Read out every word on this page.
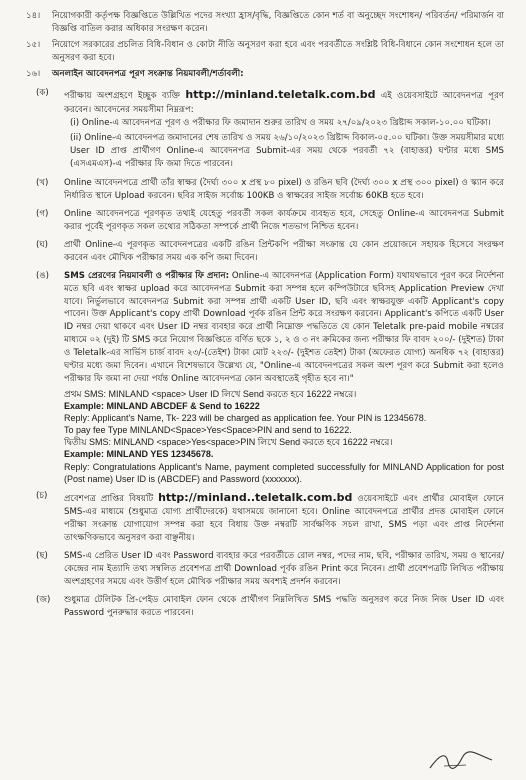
১৪।	নিয়োগকারী কর্তৃপক্ষ বিজ্ঞপ্তিতে উল্লিখিত পদের সংখ্যা হ্রাস/বৃদ্ধি, বিজ্ঞপ্তিতে কোন শর্ত বা অনুচ্ছেদ সংশোধন/ পরিবর্তন/ পরিমার্জন বা বিজ্ঞপ্তি বাতিল করার অধিকার সংরক্ষণ করেন।

১৫।	নিয়োগে সরকারের প্রচলিত বিধি-বিধান ও কোটা নীতি অনুসরণ করা হবে এবং পরবর্তীতে সংশ্লিষ্ট বিধি-বিধানে কোন সংশোধন হলে তা অনুসরণ করা হবে।

১৬।	অনলাইন আবেদনপত্র পূরণ সংক্রান্ত নিয়মাবলী/শর্তাবলী:

(ক)	পরীক্ষায় অংশগ্রহণে ইচ্ছুক ব্যক্তি http://minland.teletalk.com.bd এই ওয়েবসাইটে আবেদনপত্র পূরণ করবেন। আবেদনের সময়সীমা নিম্নরূপ:

(i) Online-এ আবেদনপত্র পূরণ ও পরীক্ষার ফি জমাদান শুরুর তারিখ ও সময় ২৭/০৯/২০২৩ খ্রিষ্টাব্দ সকাল-১০.০০ ঘটিকা।

(ii) Online-এ আবেদনপত্র জমাদানের শেষ তারিখ ও সময় ২৬/১০/২০২৩ খ্রিষ্টাব্দ বিকাল-০৫.০০ ঘটিকা। উক্ত সময়সীমার মধ্যে User ID প্রাপ্ত প্রার্থীগণ Online-এ আবেদনপত্র Submit-এর সময় থেকে পরবর্তী ৭২ (বাহাত্তর) ঘণ্টার মধ্যে SMS (এসএমএস)-এ পরীক্ষার ফি জমা দিতে পারবেন।

(খ)	Online আবেদনপত্রে প্রার্থী তাঁর স্বাক্ষর (দৈর্ঘ্য ৩০০ x প্রস্থ ৮০ pixel) ও রঙিন ছবি (দৈর্ঘ্য ৩০০ x প্রস্থ ৩০০ pixel) ও স্ক্যান করে নির্ধারিত স্থানে Upload করবেন। ছবির সাইজ সর্বোচ্চ 100KB ও স্বাক্ষরের সাইজ সর্বোচ্চ 60KB হতে হবে।

(গ)	Online আবেদনপত্রে পূরণকৃত তথ্যই যেহেতু পরবর্তী সকল কার্যক্রমে ব্যবহৃত হবে, সেহেতু Online-এ আবেদনপত্র Submit করার পূর্বেই পূরণকৃত সকল তথ্যের সঠিকতা সম্পর্কে প্রার্থী নিজে শতভাগ নিশ্চিত হবেন।

(ঘ)	প্রার্থী Online-এ পূরণকৃত আবেদনপত্রের একটি রঙিন প্রিন্টকপি পরীক্ষা সংক্রান্ত যে কোন প্রয়োজনে সহায়ক হিসেবে সংরক্ষণ করবেন এবং মৌখিক পরীক্ষার সময় এক কপি জমা দিবেন।

(ঙ)	SMS প্রেরণের নিয়মাবলী ও পরীক্ষার ফি প্রদান: Online-এ আবেদনপত্র (Application Form) যথাযথভাবে পূরণ করে নির্দেশনা মতে ছবি এবং স্বাক্ষর upload করে আবেদনপত্র Submit করা সম্পন্ন হলে কম্পিউটারে ছবিসহ Application Preview দেখা যাবে। নির্ভুলভাবে আবেদনপত্র Submit করা সম্পন্ন প্রার্থী একটি User ID, ছবি এবং স্বাক্ষরযুক্ত একটি Applicant's copy পাবেন। উক্ত Applicant's copy প্রার্থী Download পূর্বক রঙিন প্রিন্ট করে সংরক্ষণ করবেন। Applicant's কপিতে একটি User ID নম্বর দেয়া থাকবে এবং User ID নম্বর ব্যবহার করে প্রার্থী নিম্নোক্ত পদ্ধতিতে যে কোন Teletalk pre-paid mobile নম্বরের মাধ্যমে ০২ (দুই) টি SMS করে নিয়োগ বিজ্ঞপ্তিতে বর্ণিত ছকে ১, ২ ও ৩ নং ক্রমিকের জন্য পরীক্ষার ফি বাবদ ২০০/- (দুইশত) টাকা ও Teletalk-এর সার্ভিস চার্জ বাবদ ২৩/-(তেইশ) টাকা মোট ২২৩/- (দুইশত তেইশ) টাকা (অফেরত যোগ্য) অনধিক ৭২ (বাহাত্তর) ঘণ্টার মধ্যে জমা দিবেন। এখানে বিশেষভাবে উল্লেখ্য যে, "Online-এ আবেদনপত্রের সকল অংশ পূরণ করে Submit করা হলেও পরীক্ষার ফি জমা না দেয়া পর্যন্ত Online আবেদনপত্র কোন অবস্থাতেই গৃহীত হবে না।"

প্রথম SMS: MINLAND <space> User ID লিখে Send করতে হবে 16222 নম্বরে।

Example: MINLAND ABCDEF & Send to 16222

Reply: Applicant's Name, Tk- 223 will be charged as application fee. Your PIN is 12345678.

To pay fee Type MINLAND<Space>Yes<Space>PIN and send to 16222.

দ্বিতীয় SMS: MINLAND <space>Yes<space>PIN লিখে Send করতে হবে 16222 নম্বরে।

Example: MINLAND YES 12345678.

Reply: Congratulations Applicant's Name, payment completed successfully for MINLAND Application for post (Post name) User ID is (ABCDEF) and Password (xxxxxxx).

(চ)	প্রবেশপত্র প্রাপ্তির বিষয়টি http://minland..teletalk.com.bd ওয়েবসাইটে এবং প্রার্থীর মোবাইল ফোনে SMS-এর মাধ্যমে (শুধুমাত্র যোগ্য প্রার্থীদেরকে) যথাসময়ে জানানো হবে। Online আবেদনপত্রে প্রার্থীর প্রদত্ত মোবাইল ফোনে পরীক্ষা সংক্রান্ত যোগাযোগ সম্পন্ন করা হবে বিধায় উক্ত নম্বরটি সার্বক্ষণিক সচল রাখা, SMS পড়া এবং প্রাপ্ত নির্দেশনা তাৎক্ষণিকভাবে অনুসরণ করা বাঞ্ছনীয়।

(ছ)	SMS-এ প্রেরিত User ID এবং Password ব্যবহার করে পরবর্তীতে রোল নম্বর, পদের নাম, ছবি, পরীক্ষার তারিখ, সময় ও স্থানের/কেন্দ্রের নাম ইত্যাদি তথ্য সম্বলিত প্রবেশপত্র প্রার্থী Download পূর্বক রঙিন Print করে নিবেন। প্রার্থী প্রবেশপত্রটি লিখিত পরীক্ষায় অংশগ্রহণের সময়ে এবং উত্তীর্ণ হলে মৌখিক পরীক্ষার সময় অবশ্যই প্রদর্শন করবেন।

(জ)	শুধুমাত্র টেলিটক প্রি-পেইড মোবাইল ফোন থেকে প্রার্থীগণ নিম্নলিখিত SMS পদ্ধতি অনুসরণ করে নিজ নিজ User ID এবং Password পুনরুদ্ধার করতে পারবেন।
